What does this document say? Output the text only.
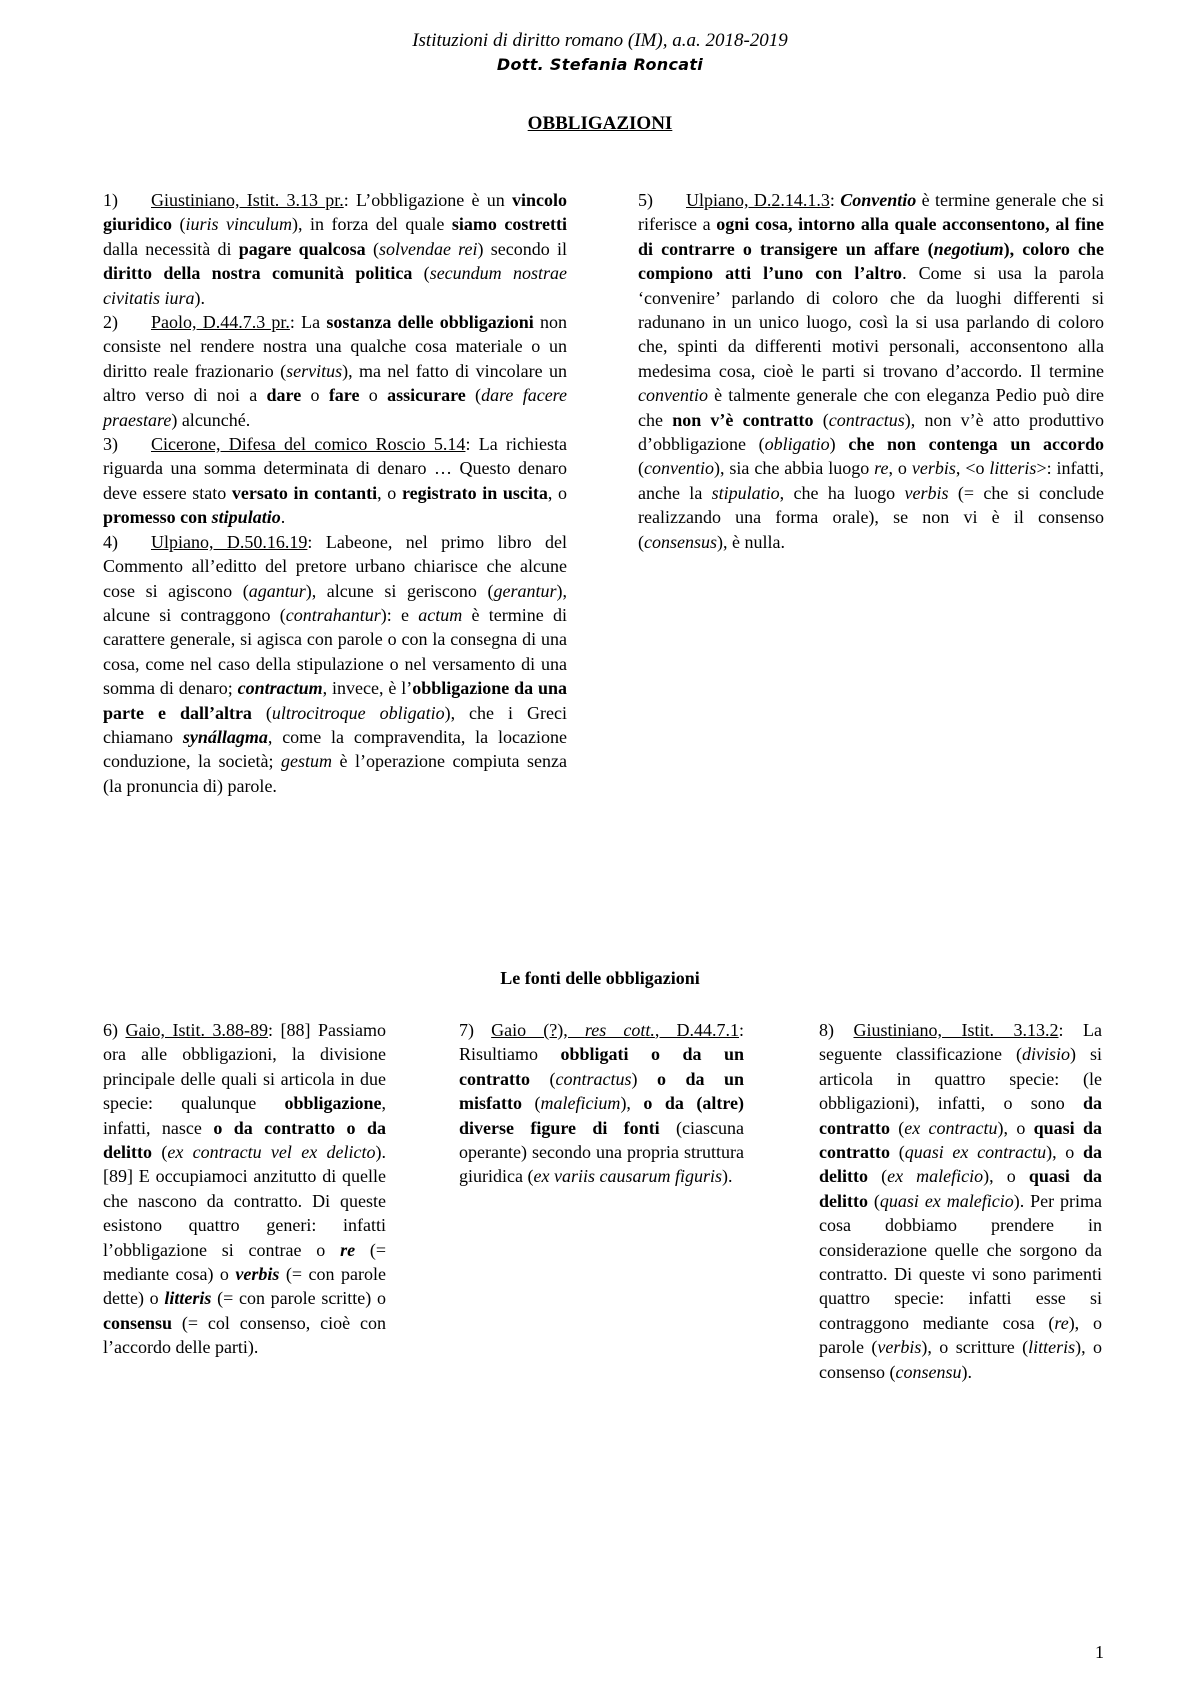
Istituzioni di diritto romano (IM), a.a. 2018-2019
Dott. Stefania Roncati
OBBLIGAZIONI

1) Giustiniano, Istit. 3.13 pr.: L’obbligazione è un vincolo giuridico (iuris vinculum), in forza del quale siamo costretti dalla necessità di pagare qualcosa (solvendae rei) secondo il diritto della nostra comunità politica (secundum nostrae civitatis iura).

2) Paolo, D.44.7.3 pr.: La sostanza delle obbligazioni non consiste nel rendere nostra una qualche cosa materiale o un diritto reale frazionario (servitus), ma nel fatto di vincolare un altro verso di noi a dare o fare o assicurare (dare facere praestare) alcunché.

3) Cicerone, Difesa del comico Roscio 5.14: La richiesta riguarda una somma determinata di denaro … Questo denaro deve essere stato versato in contanti, o registrato in uscita, o promesso con stipulatio.

4) Ulpiano, D.50.16.19: Labeone, nel primo libro del Commento all’editto del pretore urbano chiarisce che alcune cose si agiscono (agantur), alcune si geriscono (gerantur), alcune si contraggono (contrahantur): e actum è termine di carattere generale, si agisca con parole o con la consegna di una cosa, come nel caso della stipulazione o nel versamento di una somma di denaro; contractum, invece, è l’obbligazione da una parte e dall’altra (ultrocitroque obligatio), che i Greci chiamano synállagma, come la compravendita, la locazione conduzione, la società; gestum è l’operazione compiuta senza (la pronuncia di) parole.

5) Ulpiano, D.2.14.1.3: Conventio è termine generale che si riferisce a ogni cosa, intorno alla quale acconsentono, al fine di contrarre o transigere un affare (negotium), coloro che compiono atti l’uno con l’altro. Come si usa la parola ‘convenire’ parlando di coloro che da luoghi differenti si radunano in un unico luogo, così la si usa parlando di coloro che, spinti da differenti motivi personali, acconsentono alla medesima cosa, cioè le parti si trovano d’accordo. Il termine conventio è talmente generale che con eleganza Pedio può dire che non v’è contratto (contractus), non v’è atto produttivo d’obbligazione (obligatio) che non contenga un accordo (conventio), sia che abbia luogo re, o verbis, <o litteris>: infatti, anche la stipulatio, che ha luogo verbis (= che si conclude realizzando una forma orale), se non vi è il consenso (consensus), è nulla.

Le fonti delle obbligazioni

6) Gaio, Istit. 3.88-89: [88] Passiamo ora alle obbligazioni, la divisione principale delle quali si articola in due specie: qualunque obbligazione, infatti, nasce o da contratto o da delitto (ex contractu vel ex delicto). [89] E occupiamoci anzitutto di quelle che nascono da contratto. Di queste esistono quattro generi: infatti l’obbligazione si contrae o re (= mediante cosa) o verbis (= con parole dette) o litteris (= con parole scritte) o consensu (= col consenso, cioè con l’accordo delle parti).

7) Gaio (?), res cott., D.44.7.1: Risultiamo obbligati o da un contratto (contractus) o da un misfatto (maleficium), o da (altre) diverse figure di fonti (ciascuna operante) secondo una propria struttura giuridica (ex variis causarum figuris).

8) Giustiniano, Istit. 3.13.2: La seguente classificazione (divisio) si articola in quattro specie: (le obbligazioni), infatti, o sono da contratto (ex contractu), o quasi da contratto (quasi ex contractu), o da delitto (ex maleficio), o quasi da delitto (quasi ex maleficio). Per prima cosa dobbiamo prendere in considerazione quelle che sorgono da contratto. Di queste vi sono parimenti quattro specie: infatti esse si contraggono mediante cosa (re), o parole (verbis), o scritture (litteris), o consenso (consensu).

1
